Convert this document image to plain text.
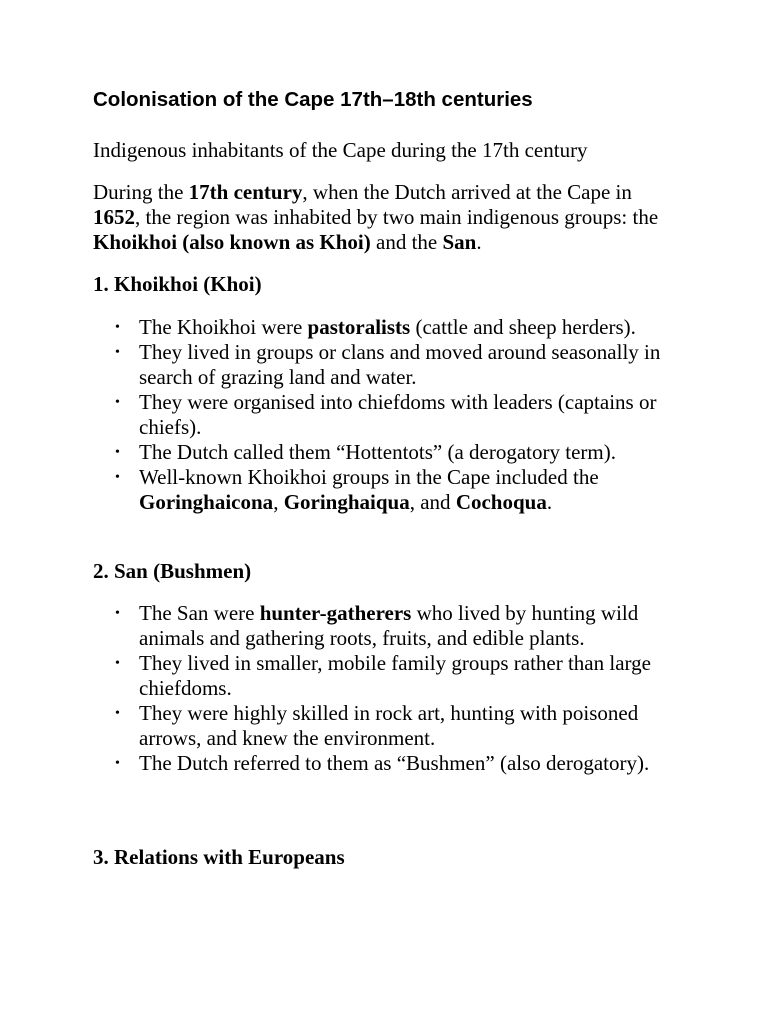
Colonisation of the Cape 17th–18th centuries

Indigenous inhabitants of the Cape during the 17th century

During the 17th century, when the Dutch arrived at the Cape in 1652, the region was inhabited by two main indigenous groups: the Khoikhoi (also known as Khoi) and the San.

1. Khoikhoi (Khoi)
• The Khoikhoi were pastoralists (cattle and sheep herders).
• They lived in groups or clans and moved around seasonally in search of grazing land and water.
• They were organised into chiefdoms with leaders (captains or chiefs).
• The Dutch called them “Hottentots” (a derogatory term).
• Well-known Khoikhoi groups in the Cape included the Goringhaicona, Goringhaiqua, and Cochoqua.
2. San (Bushmen)
• The San were hunter-gatherers who lived by hunting wild animals and gathering roots, fruits, and edible plants.
• They lived in smaller, mobile family groups rather than large chiefdoms.
• They were highly skilled in rock art, hunting with poisoned arrows, and knew the environment.
• The Dutch referred to them as “Bushmen” (also derogatory).
3. Relations with Europeans
